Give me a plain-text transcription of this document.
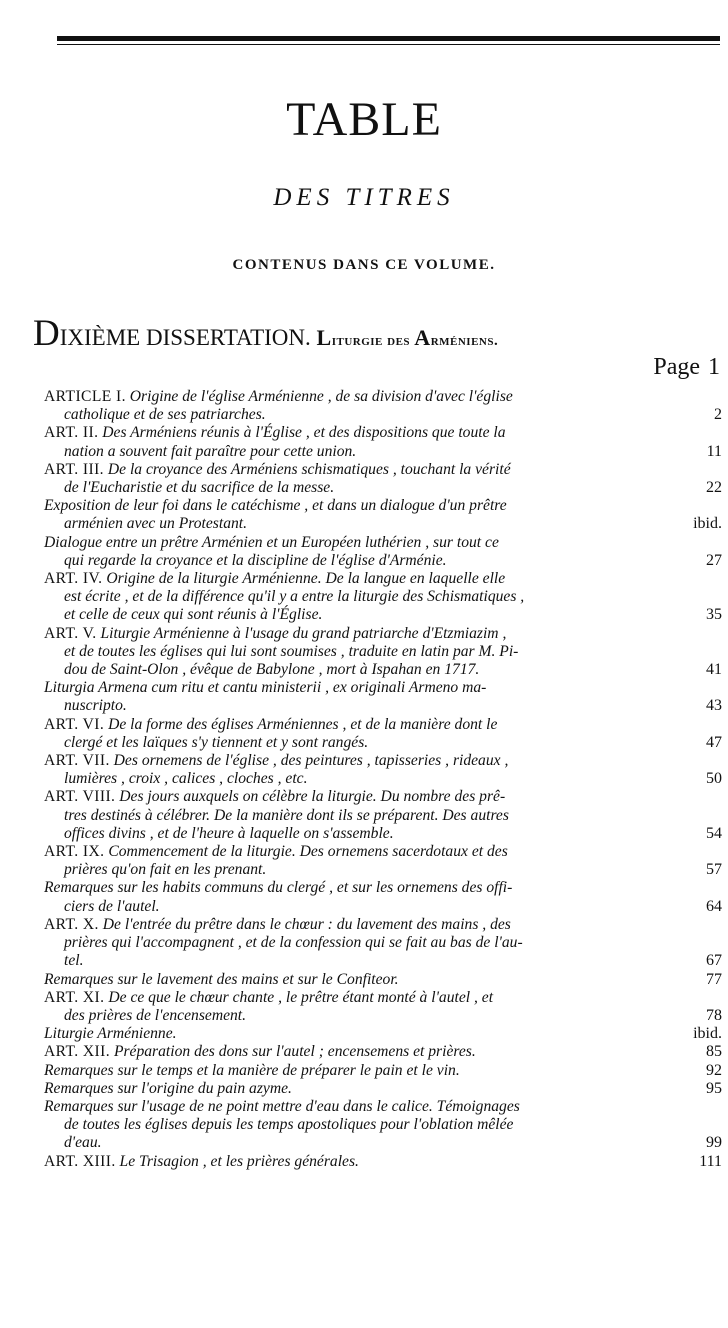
TABLE
DES TITRES
CONTENUS DANS CE VOLUME.
DIXIÈME DISSERTATION. Liturgie des Arméniens.
Page 1
ARTICLE I. Origine de l'église Arménienne , de sa division d'avec l'église
catholique et de ses patriarches.	2
ART. II. Des Arméniens réunis à l'Église , et des dispositions que toute la
nation a souvent fait paraître pour cette union.	11
ART. III. De la croyance des Arméniens schismatiques , touchant la vérité
de l'Eucharistie et du sacrifice de la messe.	22
Exposition de leur foi dans le catéchisme , et dans un dialogue d'un prêtre
arménien avec un Protestant.	ibid.
Dialogue entre un prêtre Arménien et un Européen luthérien , sur tout ce
qui regarde la croyance et la discipline de l'église d'Arménie.	27
ART. IV. Origine de la liturgie Arménienne. De la langue en laquelle elle
est écrite , et de la différence qu'il y a entre la liturgie des Schismatiques ,
et celle de ceux qui sont réunis à l'Église.	35
ART. V. Liturgie Arménienne à l'usage du grand patriarche d'Etzmiazim ,
et de toutes les églises qui lui sont soumises , traduite en latin par M. Pi-
dou de Saint-Olon , évêque de Babylone , mort à Ispahan en 1717.	41
Liturgia Armena cum ritu et cantu ministerii , ex originali Armeno ma-
nuscripto.	43
ART. VI. De la forme des églises Arméniennes , et de la manière dont le
clergé et les laïques s'y tiennent et y sont rangés.	47
ART. VII. Des ornemens de l'église , des peintures , tapisseries , rideaux ,
lumières , croix , calices , cloches , etc.	50
ART. VIII. Des jours auxquels on célèbre la liturgie. Du nombre des prê-
tres destinés à célébrer. De la manière dont ils se préparent. Des autres
offices divins , et de l'heure à laquelle on s'assemble.	54
ART. IX. Commencement de la liturgie. Des ornemens sacerdotaux et des
prières qu'on fait en les prenant.	57
Remarques sur les habits communs du clergé , et sur les ornemens des offi-
ciers de l'autel.	64
ART. X. De l'entrée du prêtre dans le chœur : du lavement des mains , des
prières qui l'accompagnent , et de la confession qui se fait au bas de l'au-
tel.	67
Remarques sur le lavement des mains et sur le Confiteor.	77
ART. XI. De ce que le chœur chante , le prêtre étant monté à l'autel , et
des prières de l'encensement.	78
Liturgie Arménienne.	ibid.
ART. XII. Préparation des dons sur l'autel ; encensemens et prières.	85
Remarques sur le temps et la manière de préparer le pain et le vin.	92
Remarques sur l'origine du pain azyme.	95
Remarques sur l'usage de ne point mettre d'eau dans le calice. Témoignages
de toutes les églises depuis les temps apostoliques pour l'oblation mêlée
d'eau.	99
ART. XIII. Le Trisagion , et les prières générales.	111
